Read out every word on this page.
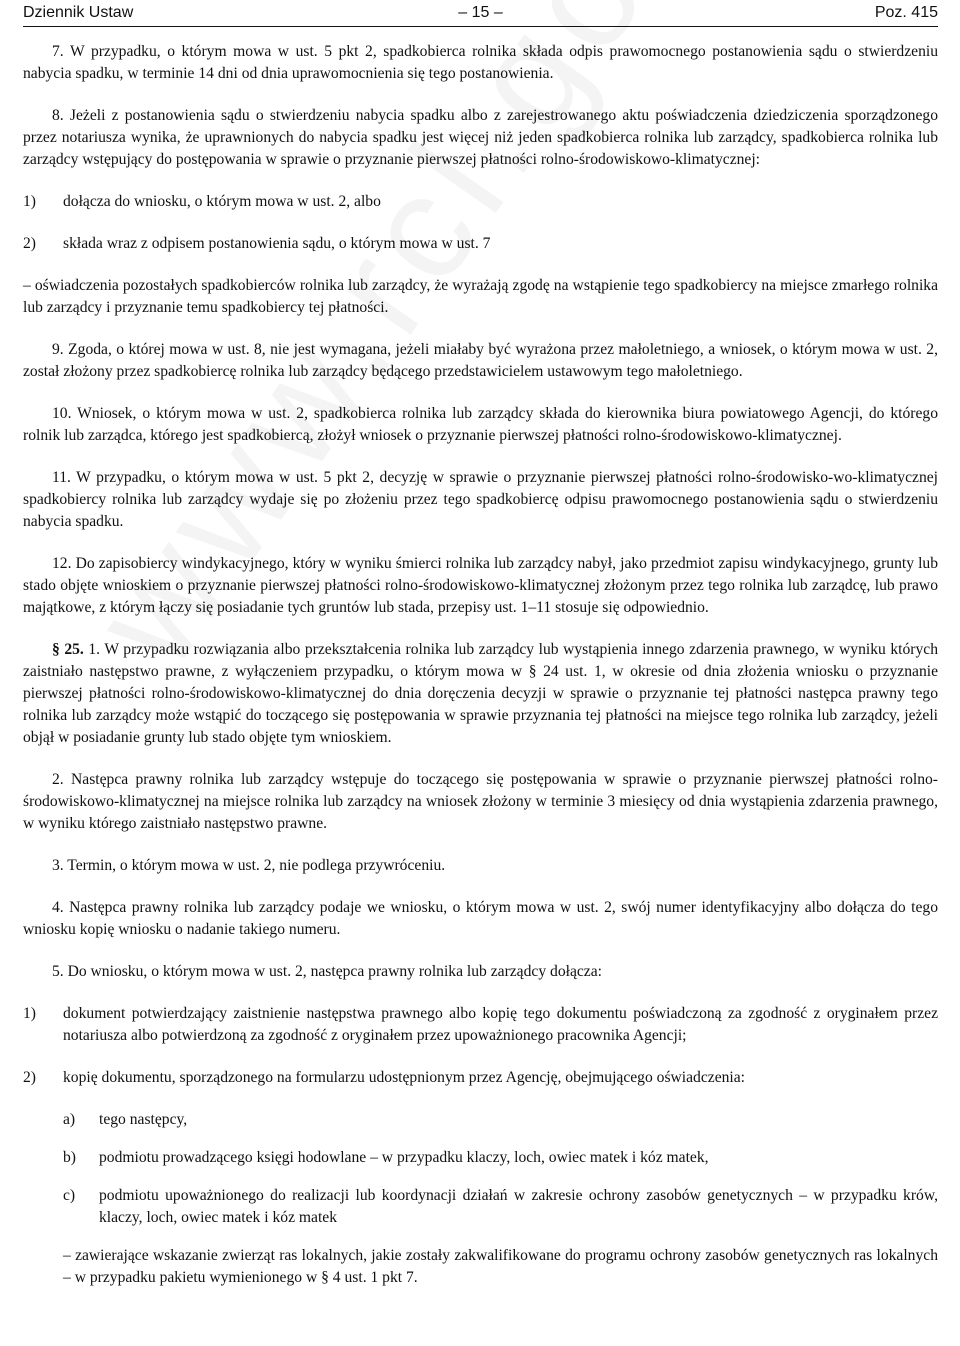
Dziennik Ustaw	– 15 –	Poz. 415

7. W przypadku, o którym mowa w ust. 5 pkt 2, spadkobierca rolnika składa odpis prawomocnego postanowienia sądu o stwierdzeniu nabycia spadku, w terminie 14 dni od dnia uprawomocnienia się tego postanowienia.

8. Jeżeli z postanowienia sądu o stwierdzeniu nabycia spadku albo z zarejestrowanego aktu poświadczenia dziedziczenia sporządzonego przez notariusza wynika, że uprawnionych do nabycia spadku jest więcej niż jeden spadkobierca rolnika lub zarządcy, spadkobierca rolnika lub zarządcy wstępujący do postępowania w sprawie o przyznanie pierwszej płatności rolno-środowiskowo-klimatycznej:

1)	dołącza do wniosku, o którym mowa w ust. 2, albo
2)	składa wraz z odpisem postanowienia sądu, o którym mowa w ust. 7

– oświadczenia pozostałych spadkobierców rolnika lub zarządcy, że wyrażają zgodę na wstąpienie tego spadkobiercy na miejsce zmarłego rolnika lub zarządcy i przyznanie temu spadkobiercy tej płatności.

9. Zgoda, o której mowa w ust. 8, nie jest wymagana, jeżeli miałaby być wyrażona przez małoletniego, a wniosek, o którym mowa w ust. 2, został złożony przez spadkobiercę rolnika lub zarządcy będącego przedstawicielem ustawowym tego małoletniego.

10. Wniosek, o którym mowa w ust. 2, spadkobierca rolnika lub zarządcy składa do kierownika biura powiatowego Agencji, do którego rolnik lub zarządca, którego jest spadkobiercą, złożył wniosek o przyznanie pierwszej płatności rolno-środowiskowo-klimatycznej.

11. W przypadku, o którym mowa w ust. 5 pkt 2, decyzję w sprawie o przyznanie pierwszej płatności rolno-środowisko-wo-klimatycznej spadkobiercy rolnika lub zarządcy wydaje się po złożeniu przez tego spadkobiercę odpisu prawomocnego postanowienia sądu o stwierdzeniu nabycia spadku.

12. Do zapisobiercy windykacyjnego, który w wyniku śmierci rolnika lub zarządcy nabył, jako przedmiot zapisu windykacyjnego, grunty lub stado objęte wnioskiem o przyznanie pierwszej płatności rolno-środowiskowo-klimatycznej złożonym przez tego rolnika lub zarządcę, lub prawo majątkowe, z którym łączy się posiadanie tych gruntów lub stada, przepisy ust. 1–11 stosuje się odpowiednio.

§ 25. 1. W przypadku rozwiązania albo przekształcenia rolnika lub zarządcy lub wystąpienia innego zdarzenia prawnego, w wyniku których zaistniało następstwo prawne, z wyłączeniem przypadku, o którym mowa w § 24 ust. 1, w okresie od dnia złożenia wniosku o przyznanie pierwszej płatności rolno-środowiskowo-klimatycznej do dnia doręczenia decyzji w sprawie o przyznanie tej płatności następca prawny tego rolnika lub zarządcy może wstąpić do toczącego się postępowania w sprawie przyznania tej płatności na miejsce tego rolnika lub zarządcy, jeżeli objął w posiadanie grunty lub stado objęte tym wnioskiem.

2. Następca prawny rolnika lub zarządcy wstępuje do toczącego się postępowania w sprawie o przyznanie pierwszej płatności rolno-środowiskowo-klimatycznej na miejsce rolnika lub zarządcy na wniosek złożony w terminie 3 miesięcy od dnia wystąpienia zdarzenia prawnego, w wyniku którego zaistniało następstwo prawne.

3. Termin, o którym mowa w ust. 2, nie podlega przywróceniu.

4. Następca prawny rolnika lub zarządcy podaje we wniosku, o którym mowa w ust. 2, swój numer identyfikacyjny albo dołącza do tego wniosku kopię wniosku o nadanie takiego numeru.

5. Do wniosku, o którym mowa w ust. 2, następca prawny rolnika lub zarządcy dołącza:

1)	dokument potwierdzający zaistnienie następstwa prawnego albo kopię tego dokumentu poświadczoną za zgodność z oryginałem przez notariusza albo potwierdzoną za zgodność z oryginałem przez upoważnionego pracownika Agencji;
2)	kopię dokumentu, sporządzonego na formularzu udostępnionym przez Agencję, obejmującego oświadczenia:
a)	tego następcy,
b)	podmiotu prowadzącego księgi hodowlane – w przypadku klaczy, loch, owiec matek i kóz matek,
c)	podmiotu upoważnionego do realizacji lub koordynacji działań w zakresie ochrony zasobów genetycznych – w przypadku krów, klaczy, loch, owiec matek i kóz matek

– zawierające wskazanie zwierząt ras lokalnych, jakie zostały zakwalifikowane do programu ochrony zasobów genetycznych ras lokalnych – w przypadku pakietu wymienionego w § 4 ust. 1 pkt 7.
